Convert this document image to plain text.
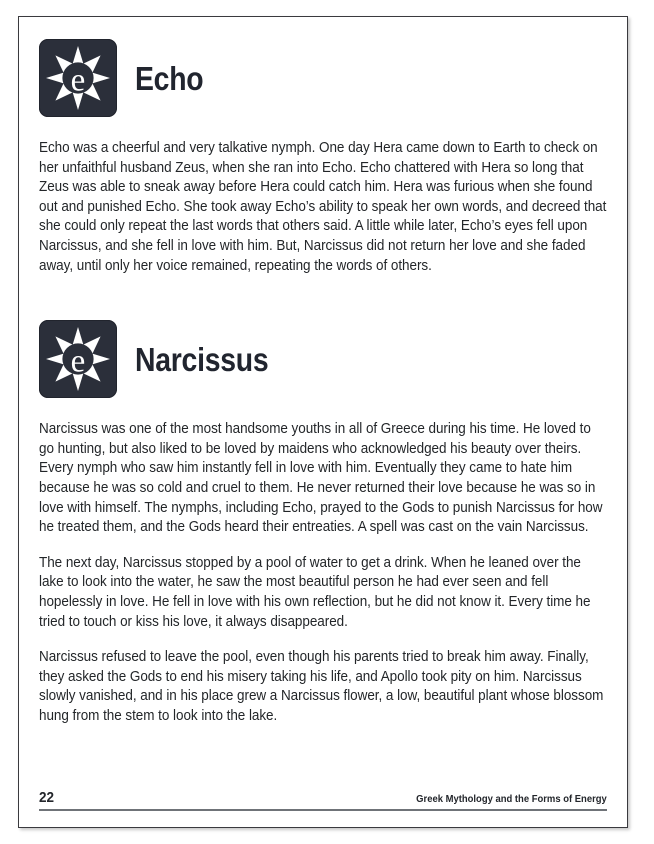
e Echo

Echo was a cheerful and very talkative nymph. One day Hera came down to Earth to check on her unfaithful husband Zeus, when she ran into Echo. Echo chattered with Hera so long that Zeus was able to sneak away before Hera could catch him. Hera was furious when she found out and punished Echo. She took away Echo’s ability to speak her own words, and decreed that she could only repeat the last words that others said. A little while later, Echo’s eyes fell upon Narcissus, and she fell in love with him. But, Narcissus did not return her love and she faded away, until only her voice remained, repeating the words of others.

e Narcissus

Narcissus was one of the most handsome youths in all of Greece during his time. He loved to go hunting, but also liked to be loved by maidens who acknowledged his beauty over theirs. Every nymph who saw him instantly fell in love with him. Eventually they came to hate him because he was so cold and cruel to them. He never returned their love because he was so in love with himself. The nymphs, including Echo, prayed to the Gods to punish Narcissus for how he treated them, and the Gods heard their entreaties. A spell was cast on the vain Narcissus.

The next day, Narcissus stopped by a pool of water to get a drink. When he leaned over the lake to look into the water, he saw the most beautiful person he had ever seen and fell hopelessly in love. He fell in love with his own reflection, but he did not know it. Every time he tried to touch or kiss his love, it always disappeared.

Narcissus refused to leave the pool, even though his parents tried to break him away. Finally, they asked the Gods to end his misery taking his life, and Apollo took pity on him. Narcissus slowly vanished, and in his place grew a Narcissus flower, a low, beautiful plant whose blossom hung from the stem to look into the lake.

22	Greek Mythology and the Forms of Energy
